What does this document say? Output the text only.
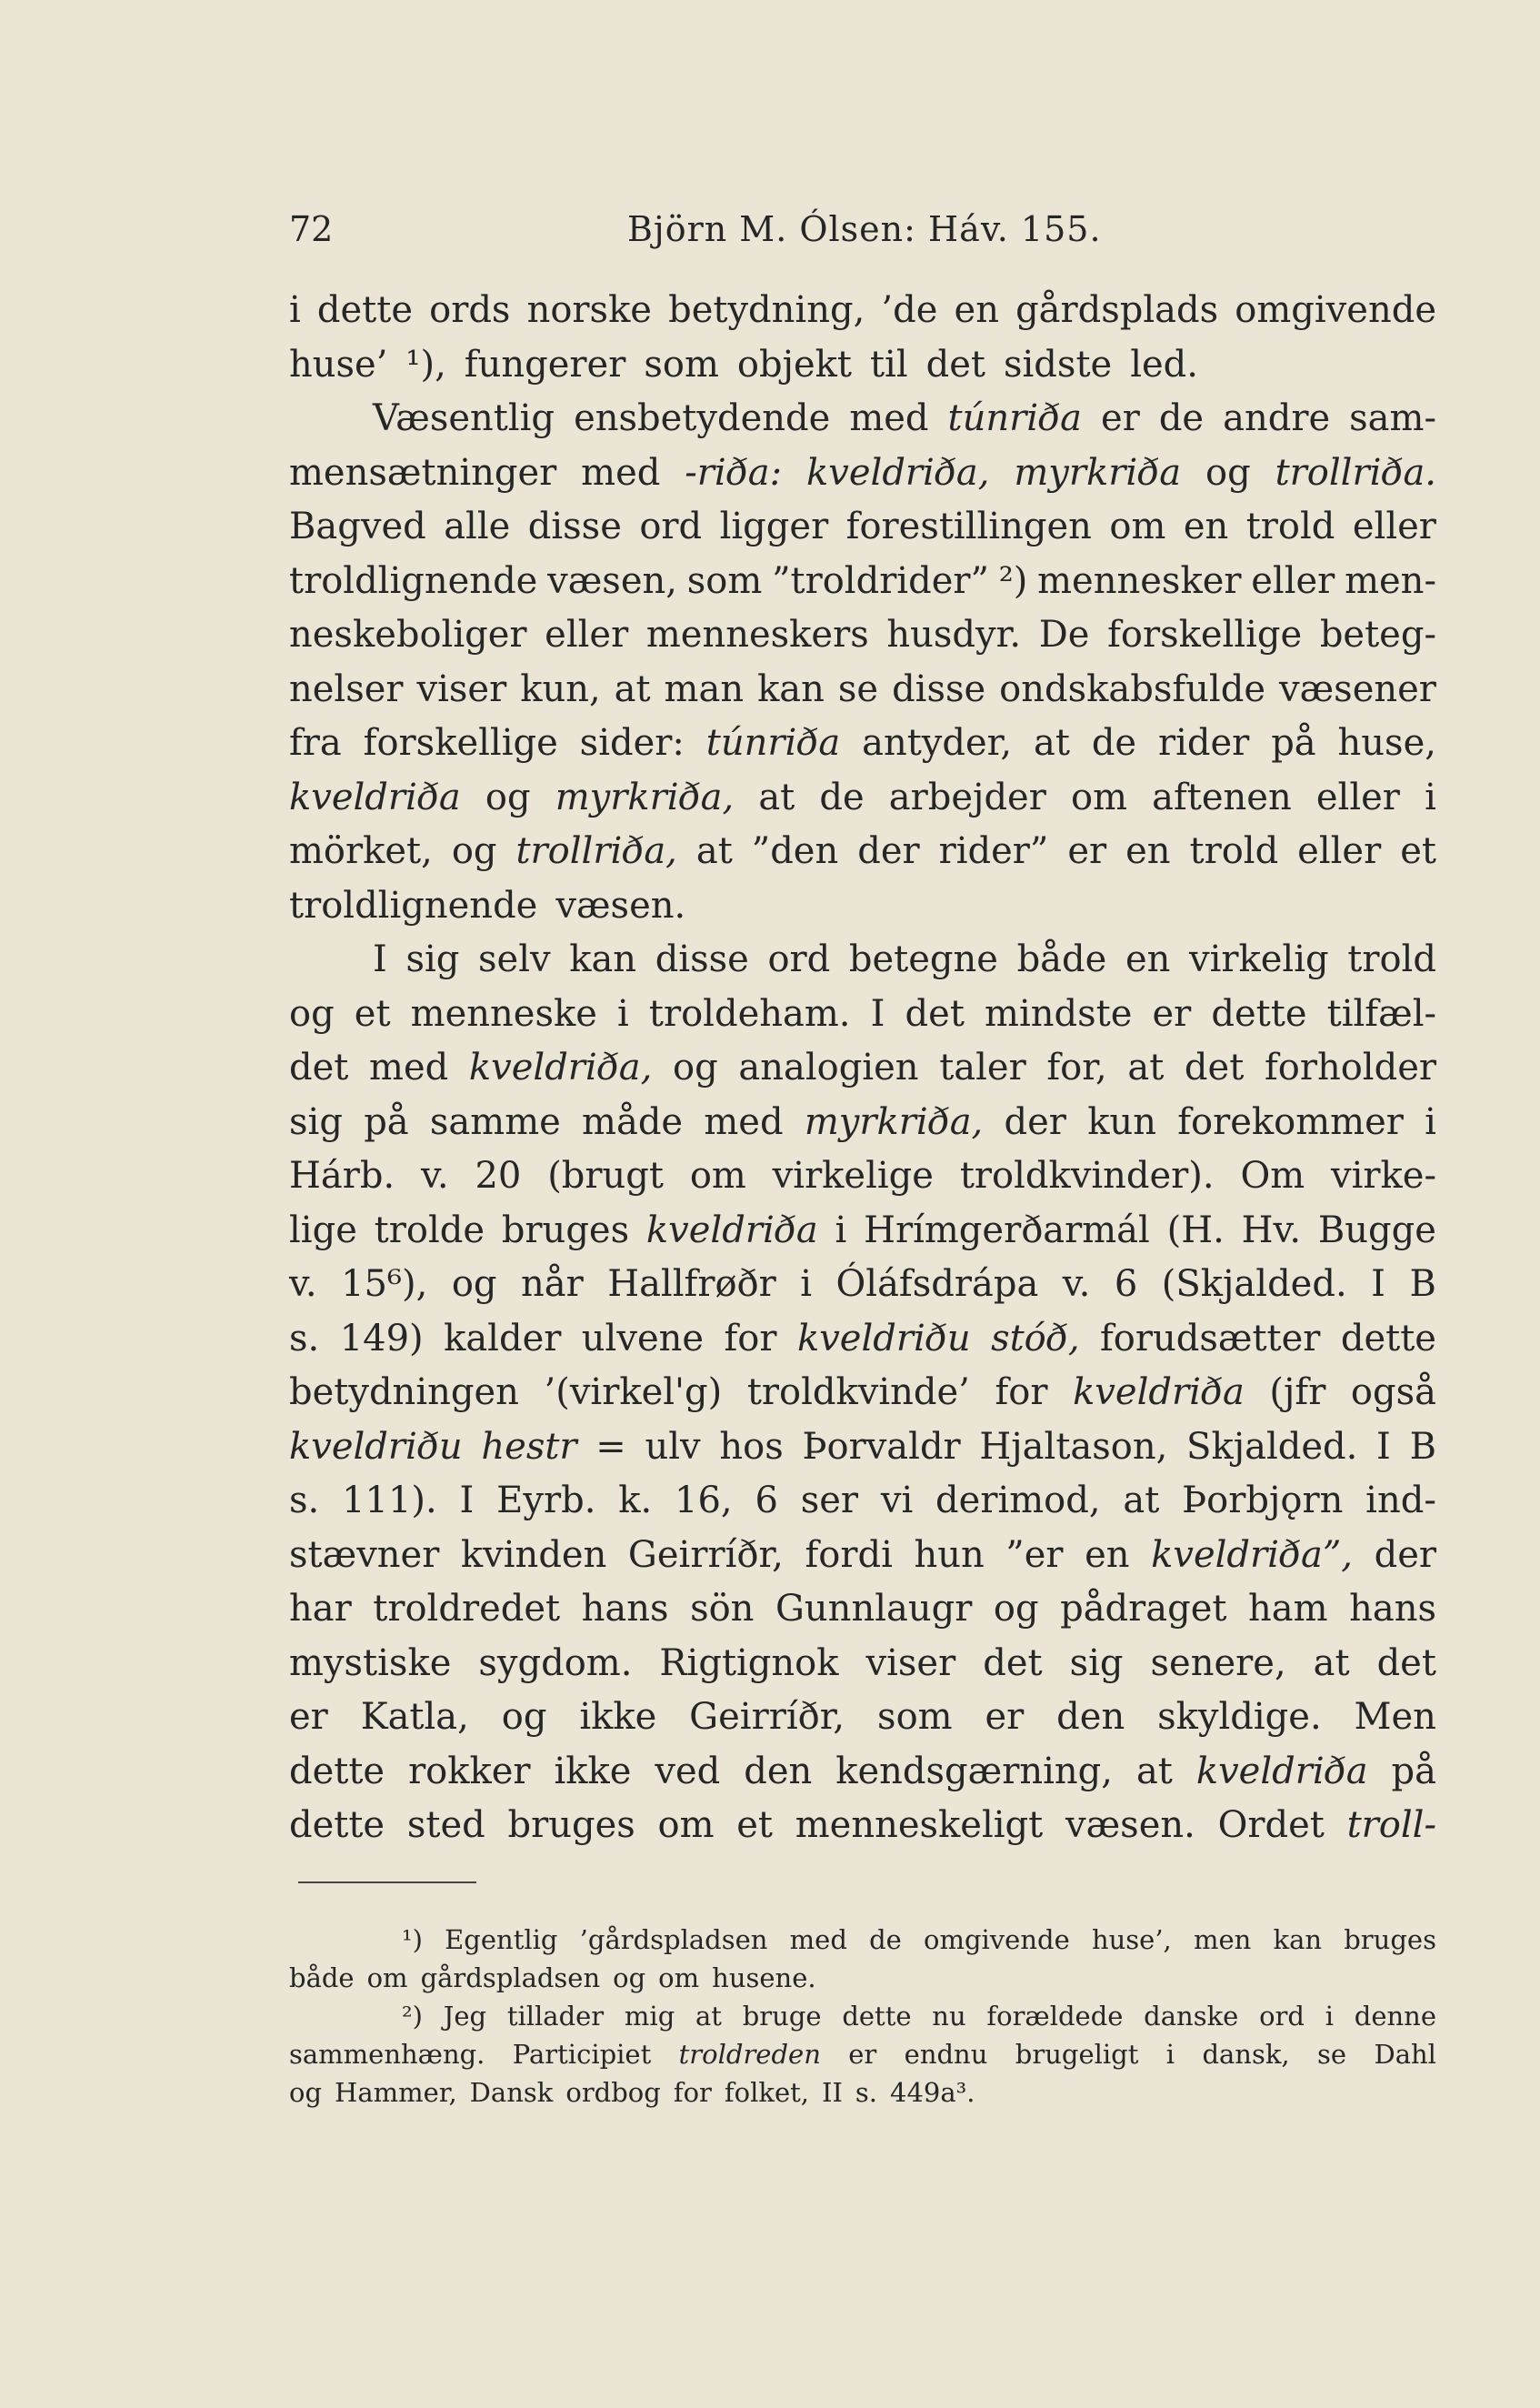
72	Björn M. Ólsen: Háv. 155.
i dette ords norske betydning, ’de en gårdsplads omgivende
huse’ ¹), fungerer som objekt til det sidste led.
Væsentlig ensbetydende med túnriða er de andre sam-
mensætninger med -riða: kveldriða, myrkriða og trollriða.
Bagved alle disse ord ligger forestillingen om en trold eller
troldlignende væsen, som ”troldrider” ²) mennesker eller men-
neskeboliger eller menneskers husdyr. De forskellige beteg-
nelser viser kun, at man kan se disse ondskabsfulde væsener
fra forskellige sider: túnriða antyder, at de rider på huse,
kveldriða og myrkriða, at de arbejder om aftenen eller i
mörket, og trollriða, at ”den der rider” er en trold eller et
troldlignende væsen.
I sig selv kan disse ord betegne både en virkelig trold
og et menneske i troldeham. I det mindste er dette tilfæl-
det med kveldriða, og analogien taler for, at det forholder
sig på samme måde med myrkriða, der kun forekommer i
Hárb. v. 20 (brugt om virkelige troldkvinder). Om virke-
lige trolde bruges kveldriða i Hrímgerðarmál (H. Hv. Bugge
v. 15⁶), og når Hallfrøðr i Óláfsdrápa v. 6 (Skjalded. I B
s. 149) kalder ulvene for kveldriðu stóð, forudsætter dette
betydningen ’(virkel'g) troldkvinde’ for kveldriða (jfr også
kveldriðu hestr = ulv hos Þorvaldr Hjaltason, Skjalded. I B
s. 111). I Eyrb. k. 16, 6 ser vi derimod, at Þorbjǫrn ind-
stævner kvinden Geirríðr, fordi hun ”er en kveldriða”, der
har troldredet hans sön Gunnlaugr og pådraget ham hans
mystiske sygdom. Rigtignok viser det sig senere, at det
er Katla, og ikke Geirríðr, som er den skyldige. Men
dette rokker ikke ved den kendsgærning, at kveldriða på
dette sted bruges om et menneskeligt væsen. Ordet troll-
¹) Egentlig ’gårdspladsen med de omgivende huse’, men kan bruges
både om gårdspladsen og om husene.
²) Jeg tillader mig at bruge dette nu forældede danske ord i denne
sammenhæng. Participiet troldreden er endnu brugeligt i dansk, se Dahl
og Hammer, Dansk ordbog for folket, II s. 449a³.
